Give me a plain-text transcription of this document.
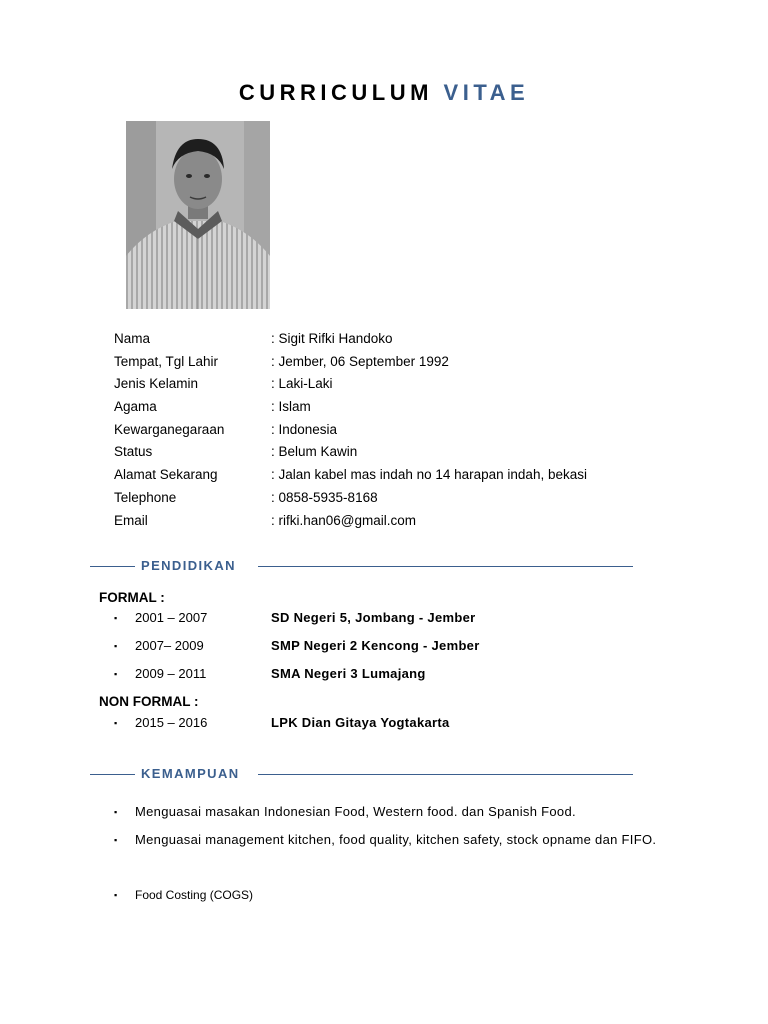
CURRICULUM VITAE
Nama	: Sigit Rifki Handoko
Tempat, Tgl Lahir	: Jember, 06 September 1992
Jenis Kelamin	: Laki-Laki
Agama	: Islam
Kewarganegaraan	: Indonesia
Status	: Belum Kawin
Alamat Sekarang	: Jalan kabel mas indah no 14 harapan indah, bekasi
Telephone	: 0858-5935-8168
Email	: rifki.han06@gmail.com
PENDIDIKAN
FORMAL :
▪ 2001 – 2007	SD Negeri 5, Jombang - Jember
▪ 2007– 2009	SMP Negeri 2 Kencong - Jember
▪ 2009 – 2011	SMA Negeri 3 Lumajang
NON FORMAL :
▪ 2015 – 2016	LPK Dian Gitaya Yogtakarta
KEMAMPUAN
▪ Menguasai masakan Indonesian Food, Western food. dan Spanish Food.
▪ Menguasai management kitchen, food quality, kitchen safety, stock opname dan FIFO.
▪ Food Costing (COGS)
